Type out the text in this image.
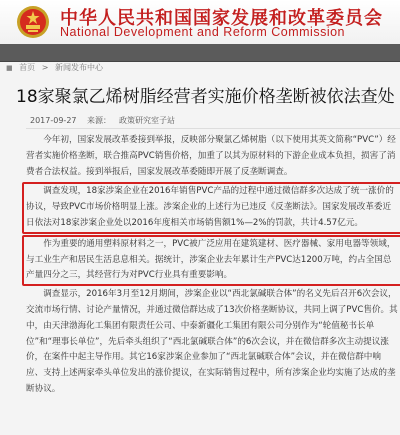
中华人民共和国国家发展和改革委员会
National Development and Reform Commission
■ 首页 > 新闻发布中心
18家聚氯乙烯树脂经营者实施价格垄断被依法查处
2017-09-27 来源： 政策研究室子站

今年初，国家发展改革委接到举报，反映部分聚氯乙烯树脂（以下使用其英文简称“PVC”）经营者实施价格垄断，联合推高PVC销售价格，加重了以其为原材料的下游企业成本负担，损害了消费者合法权益。接到举报后，国家发展改革委随即开展了反垄断调查。

调查发现，18家涉案企业在2016年销售PVC产品的过程中通过微信群多次达成了统一涨价的协议，导致PVC市场价格明显上涨。涉案企业的上述行为已违反《反垄断法》。国家发展改革委近日依法对18家涉案企业处以2016年度相关市场销售额1%—2%的罚款，共计4.57亿元。

作为重要的通用塑料原材料之一，PVC被广泛应用在建筑建材、医疗器械、家用电器等领域，与工业生产和居民生活息息相关。据统计，涉案企业去年累计生产PVC达1200万吨，约占全国总产量四分之三，其经营行为对PVC行业具有重要影响。

调查显示，2016年3月至12月期间，涉案企业以“西北氯碱联合体”的名义先后召开6次会议，交流市场行情、讨论产量情况，并通过微信群达成了13次价格垄断协议，共同上调了PVC售价。其中，由天津渤海化工集团有限责任公司、中泰新疆化工集团有限公司分别作为“轮值秘书长单位”和“理事长单位”，先后牵头组织了“西北氯碱联合体”的6次会议，并在微信群多次主动提议涨价，在案件中起主导作用。其它16家涉案企业参加了“西北氯碱联合体”会议，并在微信群中响应、支持上述两家牵头单位发出的涨价提议，在实际销售过程中，所有涉案企业均实施了达成的垄断协议。
